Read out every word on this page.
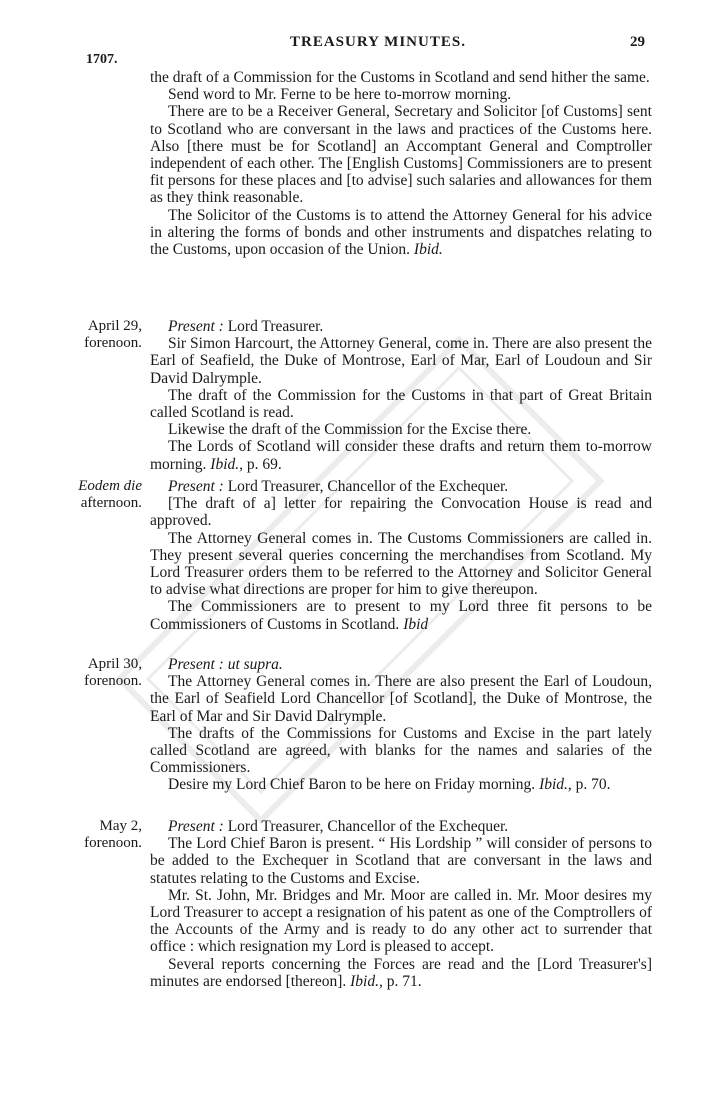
1707.
TREASURY MINUTES.	29

the draft of a Commission for the Customs in Scotland and send hither the same.

Send word to Mr. Ferne to be here to-morrow morning.

There are to be a Receiver General, Secretary and Solicitor [of Customs] sent to Scotland who are conversant in the laws and practices of the Customs here. Also [there must be for Scotland] an Accomptant General and Comptroller independent of each other. The [English Customs] Commissioners are to present fit persons for these places and [to advise] such salaries and allowances for them as they think reasonable.

The Solicitor of the Customs is to attend the Attorney General for his advice in altering the forms of bonds and other instruments and dispatches relating to the Customs, upon occasion of the Union. Ibid.

April 29,
forenoon.

Present : Lord Treasurer.

Sir Simon Harcourt, the Attorney General, come in. There are also present the Earl of Seafield, the Duke of Montrose, Earl of Mar, Earl of Loudoun and Sir David Dalrymple.

The draft of the Commission for the Customs in that part of Great Britain called Scotland is read.

Likewise the draft of the Commission for the Excise there.

The Lords of Scotland will consider these drafts and return them to-morrow morning. Ibid., p. 69.

Eodem die
afternoon.

Present : Lord Treasurer, Chancellor of the Exchequer.

[The draft of a] letter for repairing the Convocation House is read and approved.

The Attorney General comes in. The Customs Commissioners are called in. They present several queries concerning the merchandises from Scotland. My Lord Treasurer orders them to be referred to the Attorney and Solicitor General to advise what directions are proper for him to give thereupon.

The Commissioners are to present to my Lord three fit persons to be Commissioners of Customs in Scotland. Ibid

April 30,
forenoon.

Present : ut supra.

The Attorney General comes in. There are also present the Earl of Loudoun, the Earl of Seafield Lord Chancellor [of Scotland], the Duke of Montrose, the Earl of Mar and Sir David Dalrymple.

The drafts of the Commissions for Customs and Excise in the part lately called Scotland are agreed, with blanks for the names and salaries of the Commissioners.

Desire my Lord Chief Baron to be here on Friday morning. Ibid., p. 70.

May 2,
forenoon.

Present : Lord Treasurer, Chancellor of the Exchequer.

The Lord Chief Baron is present. “ His Lordship ” will consider of persons to be added to the Exchequer in Scotland that are conversant in the laws and statutes relating to the Customs and Excise.

Mr. St. John, Mr. Bridges and Mr. Moor are called in. Mr. Moor desires my Lord Treasurer to accept a resignation of his patent as one of the Comptrollers of the Accounts of the Army and is ready to do any other act to surrender that office : which resignation my Lord is pleased to accept.

Several reports concerning the Forces are read and the [Lord Treasurer's] minutes are endorsed [thereon]. Ibid., p. 71.
